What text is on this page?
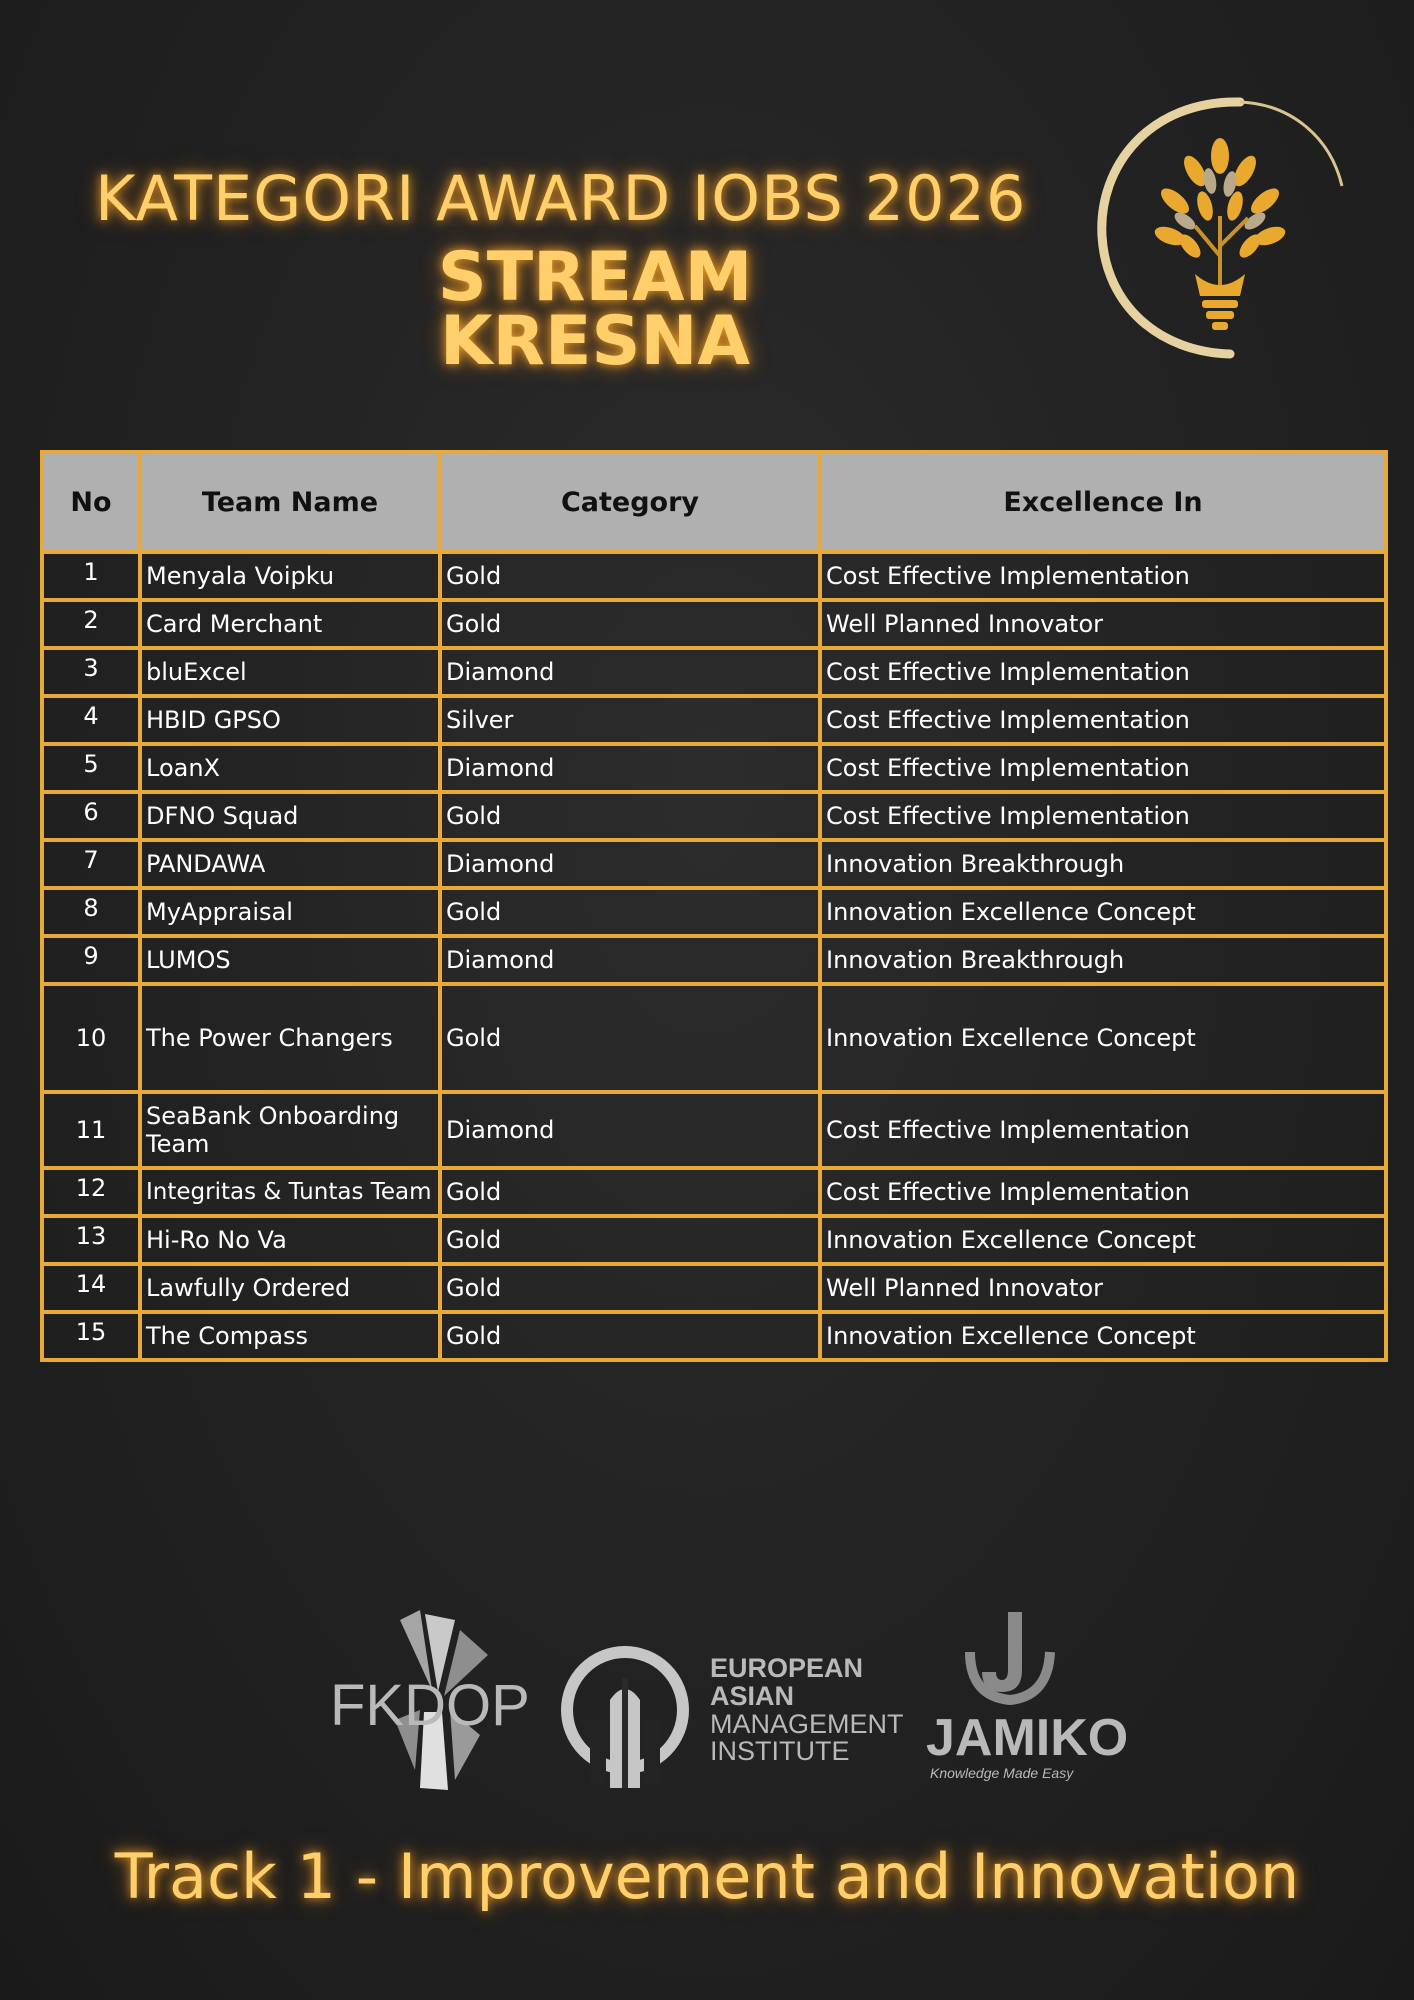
KATEGORI AWARD IOBS 2026
STREAM
KRESNA
No	Team Name	Category	Excellence In
1	Menyala Voipku	Gold	Cost Effective Implementation
2	Card Merchant	Gold	Well Planned Innovator
3	bluExcel	Diamond	Cost Effective Implementation
4	HBID GPSO	Silver	Cost Effective Implementation
5	LoanX	Diamond	Cost Effective Implementation
6	DFNO Squad	Gold	Cost Effective Implementation
7	PANDAWA	Diamond	Innovation Breakthrough
8	MyAppraisal	Gold	Innovation Excellence Concept
9	LUMOS	Diamond	Innovation Breakthrough
10	The Power Changers	Gold	Innovation Excellence Concept
11	SeaBank Onboarding Team	Diamond	Cost Effective Implementation
12	Integritas & Tuntas Team	Gold	Cost Effective Implementation
13	Hi-Ro No Va	Gold	Innovation Excellence Concept
14	Lawfully Ordered	Gold	Well Planned Innovator
15	The Compass	Gold	Innovation Excellence Concept
FKDOP
EUROPEAN
ASIAN
MANAGEMENT
INSTITUTE JAMIKO
Knowledge Made Easy
Track 1 - Improvement and Innovation
